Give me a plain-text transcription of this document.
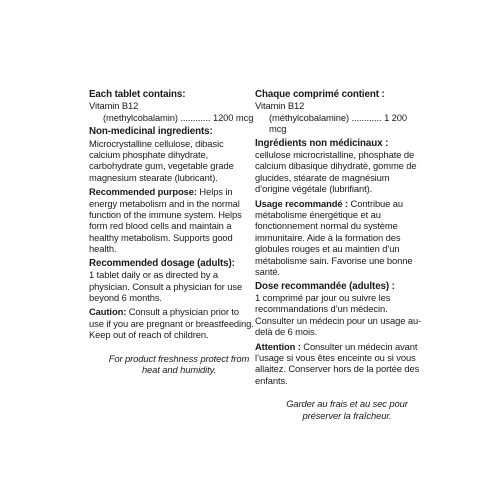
Each tablet contains:
Vitamin B12
(methylcobalamin) ............ 1200 mcg
Non-medicinal ingredients:

Microcrystalline cellulose, dibasic calcium phosphate dihydrate, carbohydrate gum, vegetable grade magnesium stearate (lubricant).

Recommended purpose: Helps in energy metabolism and in the normal function of the immune system. Helps form red blood cells and maintain a healthy metabolism. Supports good health.

Recommended dosage (adults):

1 tablet daily or as directed by a physician. Consult a physician for use beyond 6 months.

Caution: Consult a physician prior to use if you are pregnant or breastfeeding. Keep out of reach of children.

For product freshness protect from heat and humidity.
Chaque comprimé contient :
Vitamin B12
(méthylcobalamine) ............ 1 200 mcg
Ingrédients non médicinaux :

cellulose microcristalline, phosphate de calcium dibasique dihydraté, gomme de glucides, stéarate de magnésium d’origine végétale (lubrifiant).

Usage recommandé : Contribue au métabolisme énergétique et au fonctionnement normal du système immunitaire. Aide à la formation des globules rouges et au maintien d’un métabolisme sain. Favorise une bonne santé.

Dose recommandée (adultes) :

1 comprimé par jour ou suivre les recommandations d’un médecin. Consulter un médecin pour un usage au-delà de 6 mois.

Attention : Consulter un médecin avant l’usage si vous êtes enceinte ou si vous allaitez. Conserver hors de la portée des enfants.

Garder au frais et au sec pour préserver la fraîcheur.
